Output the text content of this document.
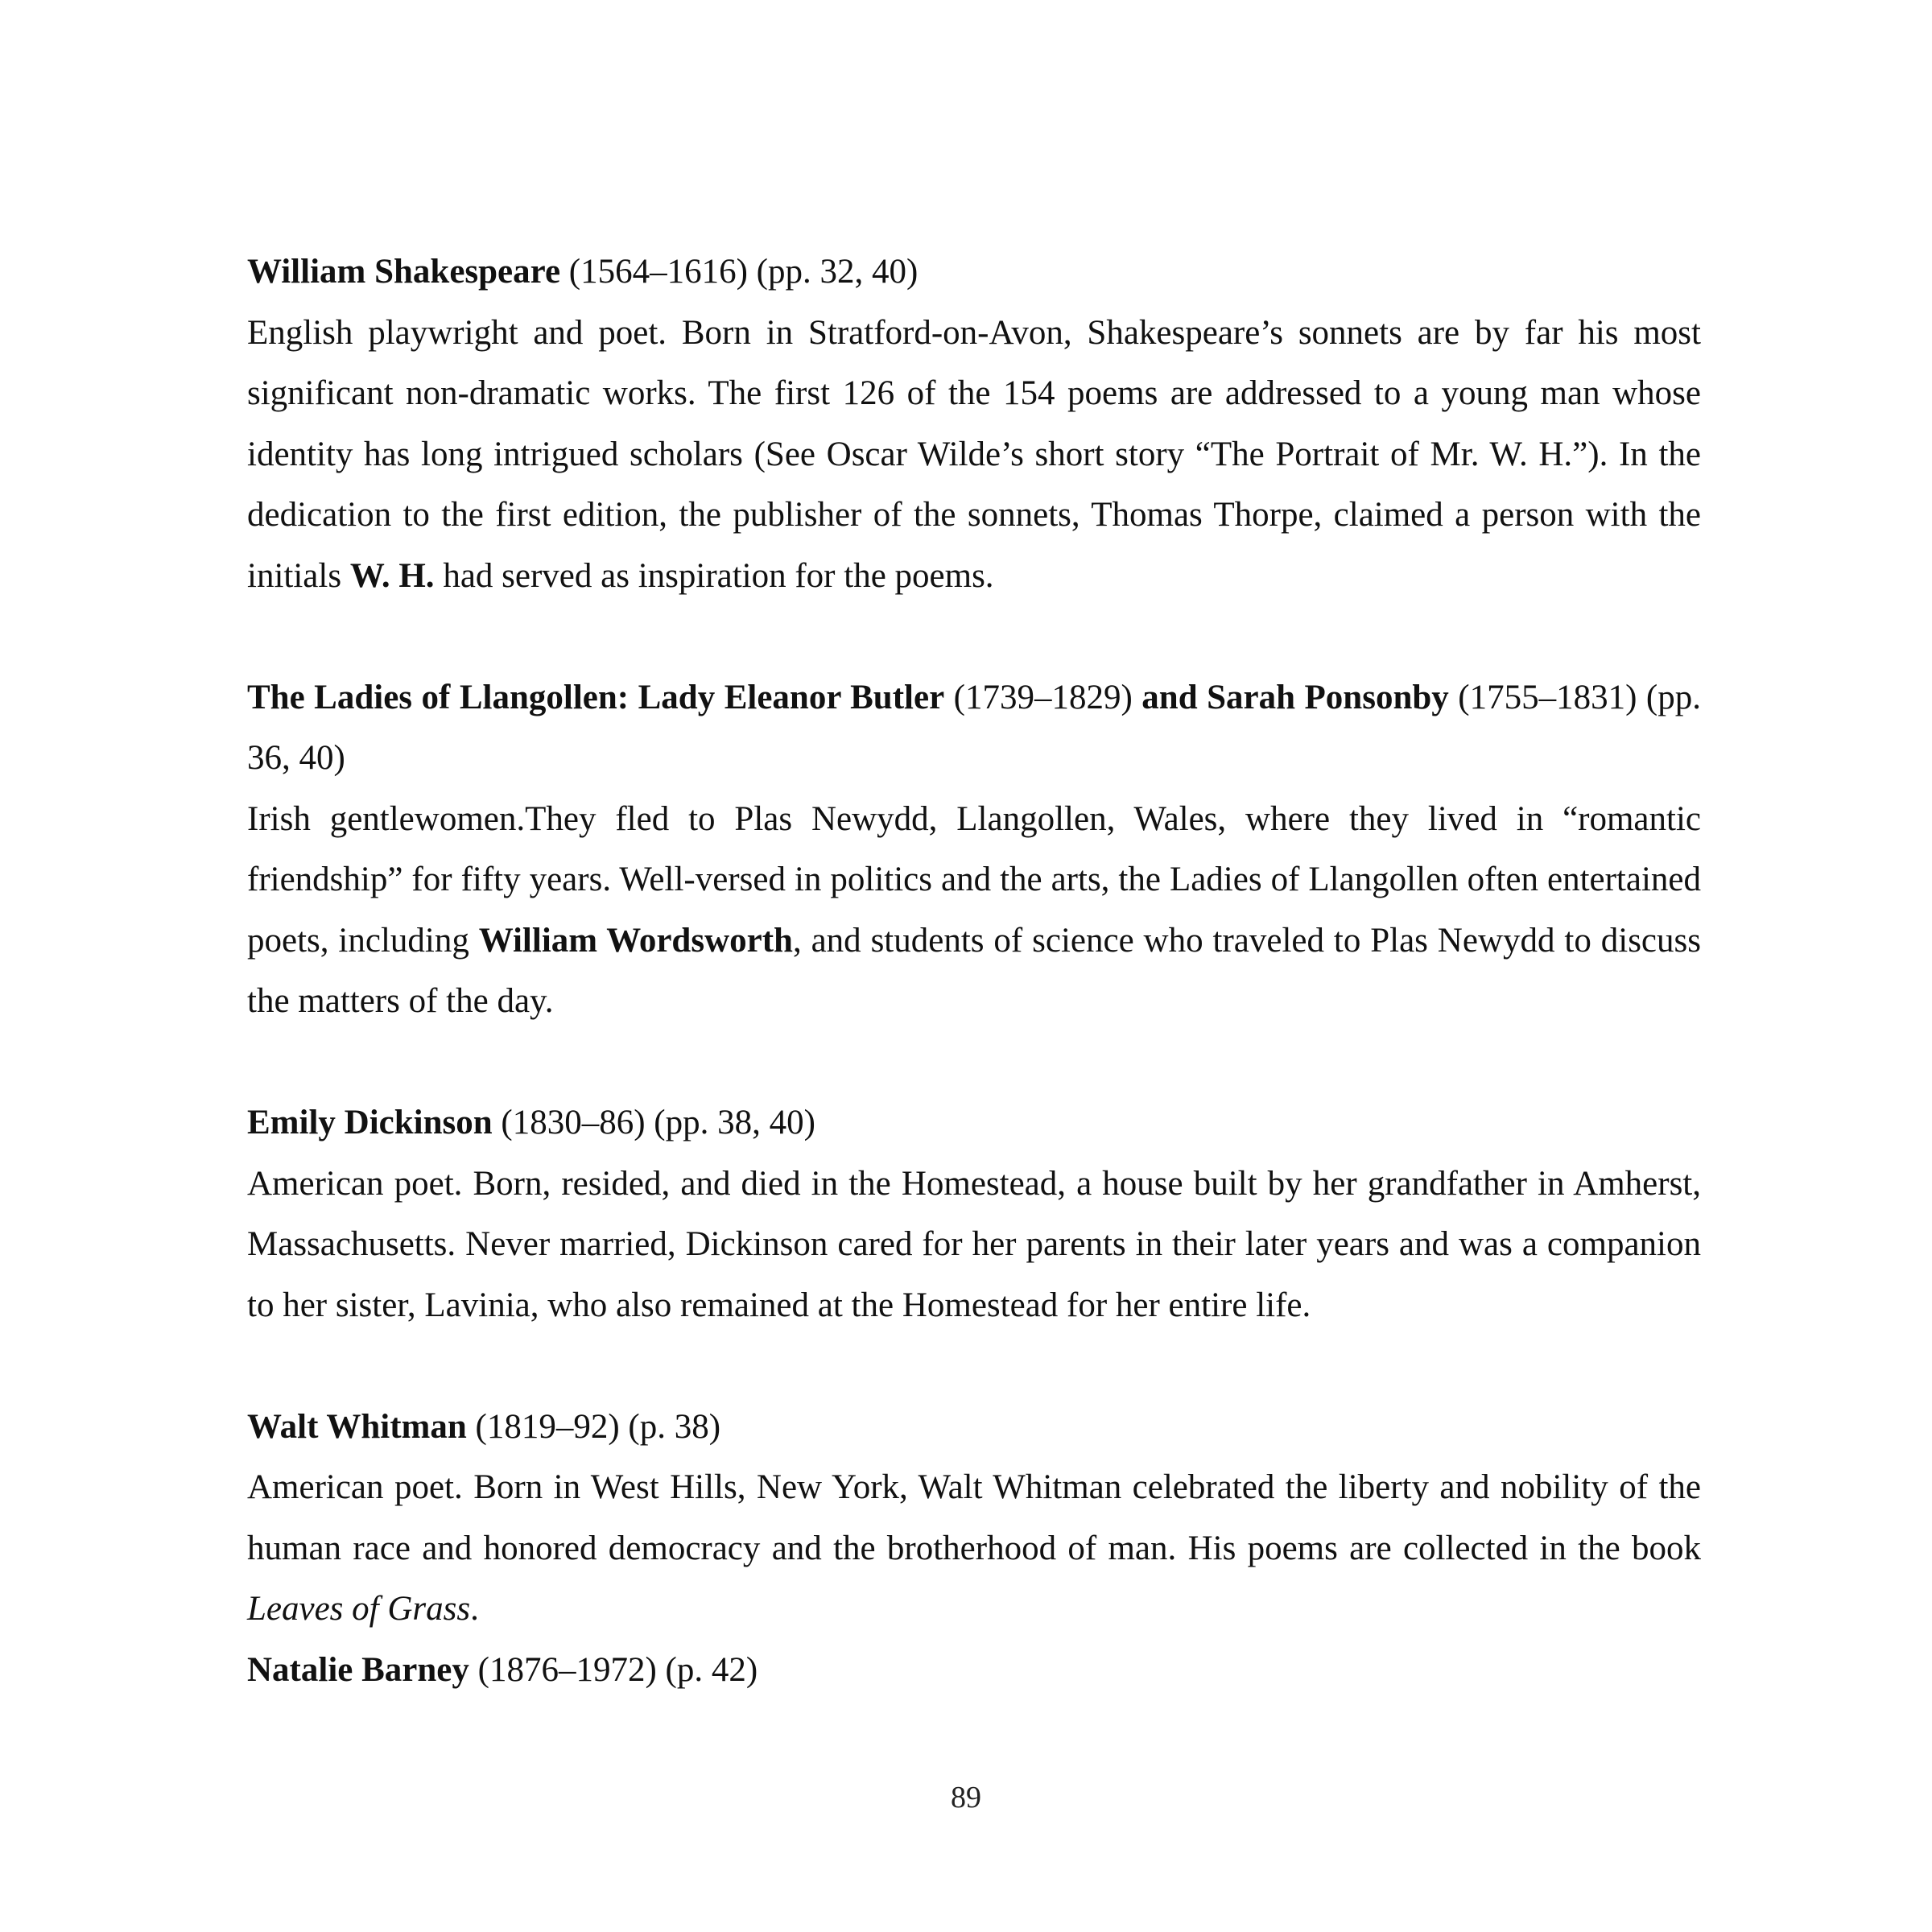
William Shakespeare (1564–1616) (pp. 32, 40)

English playwright and poet. Born in Stratford-on-Avon, Shakespeare’s sonnets are by far his most significant non-dramatic works. The first 126 of the 154 poems are addressed to a young man whose identity has long intrigued scholars (See Oscar Wilde’s short story “The Portrait of Mr. W. H.”). In the dedication to the first edition, the publisher of the sonnets, Thomas Thorpe, claimed a person with the initials W. H. had served as inspiration for the poems.

The Ladies of Llangollen: Lady Eleanor Butler (1739–1829) and Sarah Ponsonby (1755–1831) (pp. 36, 40)

Irish gentlewomen.They fled to Plas Newydd, Llangollen, Wales, where they lived in “romantic friendship” for fifty years. Well-versed in politics and the arts, the Ladies of Llangollen often entertained poets, including William Wordsworth, and students of science who traveled to Plas Newydd to discuss the matters of the day.

Emily Dickinson (1830–86) (pp. 38, 40)

American poet. Born, resided, and died in the Homestead, a house built by her grandfather in Amherst, Massachusetts. Never married, Dickinson cared for her parents in their later years and was a companion to her sister, Lavinia, who also remained at the Homestead for her entire life.

Walt Whitman (1819–92) (p. 38)

American poet. Born in West Hills, New York, Walt Whitman celebrated the liberty and nobility of the human race and honored democracy and the brotherhood of man. His poems are collected in the book Leaves of Grass.

Natalie Barney (1876–1972) (p. 42)

89
